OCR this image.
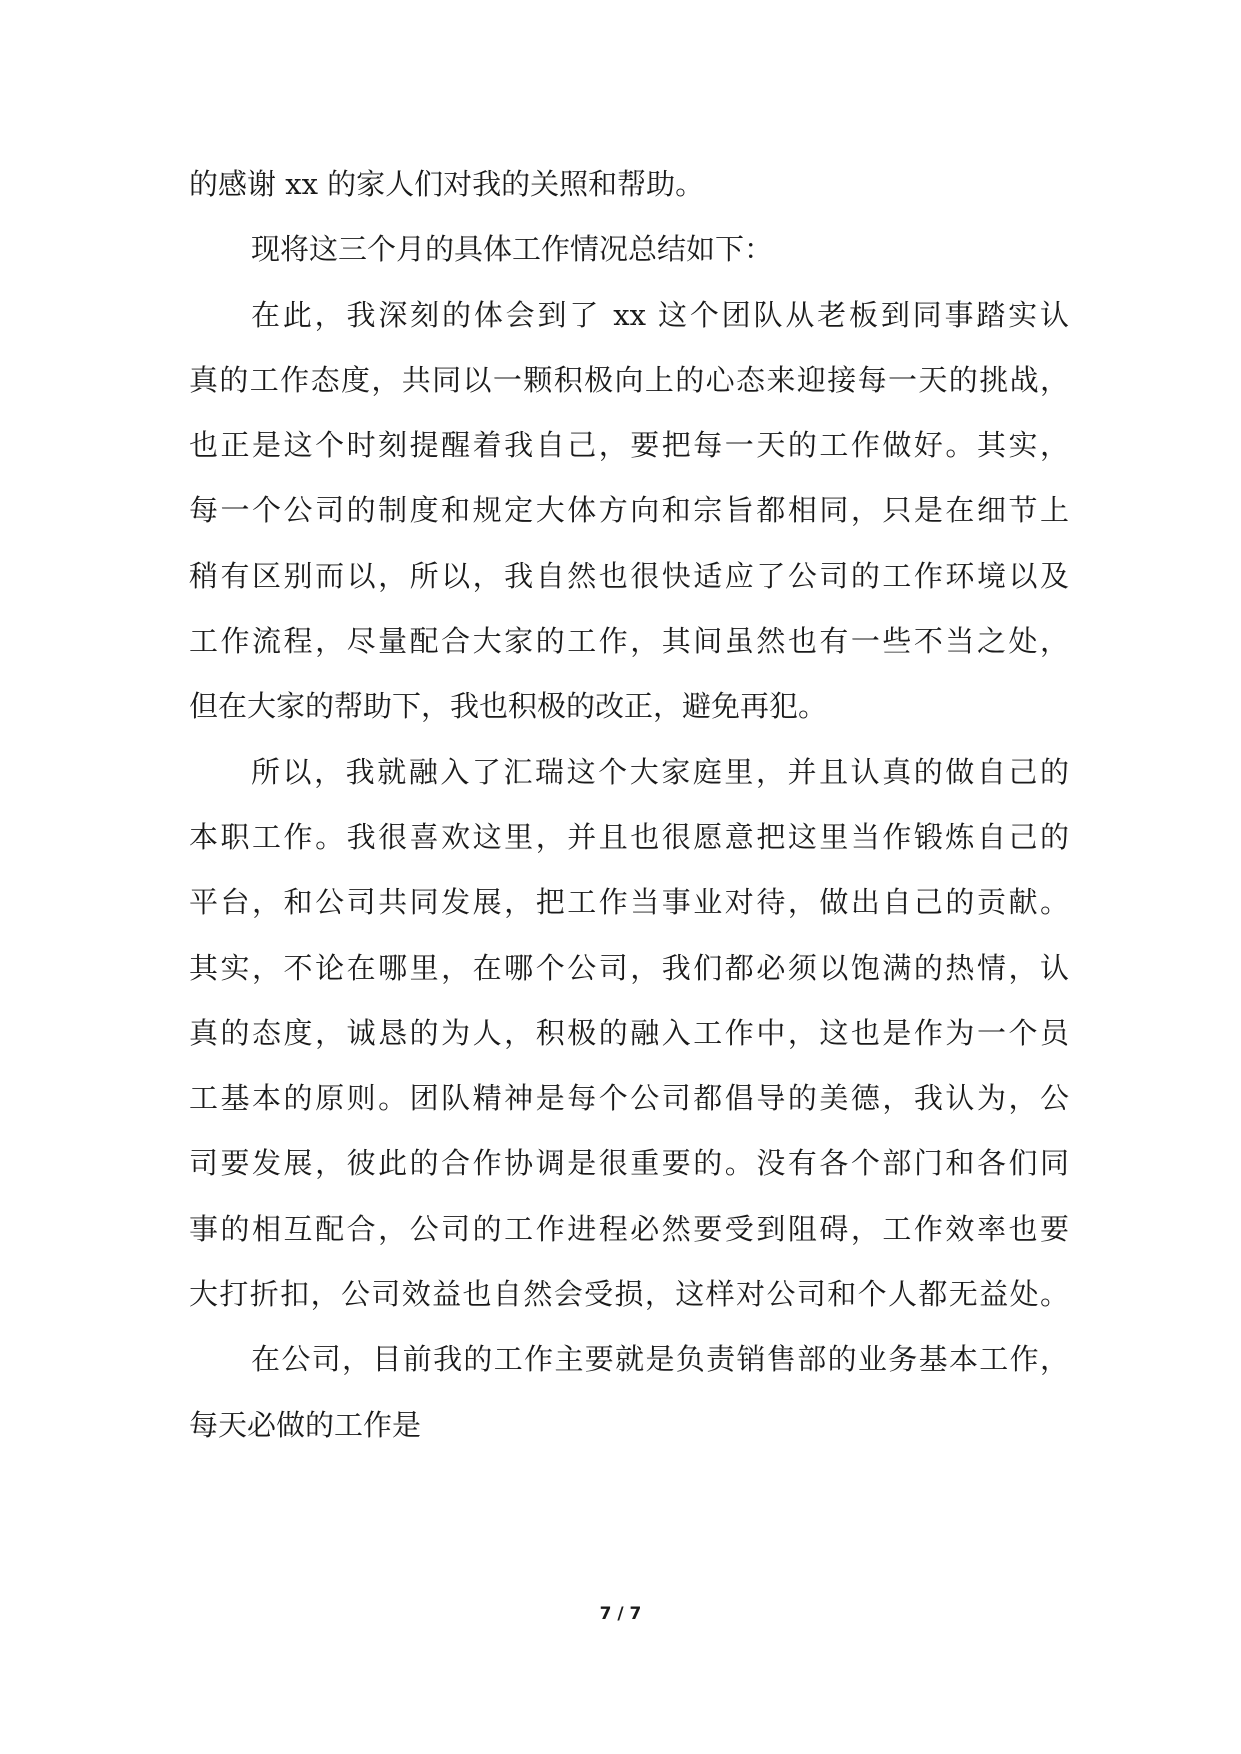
的感谢 xx 的家人们对我的关照和帮助。
现将这三个月的具体工作情况总结如下：
在此，我深刻的体会到了 xx 这个团队从老板到同事踏实认
真的工作态度，共同以一颗积极向上的心态来迎接每一天的挑战，
也正是这个时刻提醒着我自己，要把每一天的工作做好。其实，
每一个公司的制度和规定大体方向和宗旨都相同，只是在细节上
稍有区别而以，所以，我自然也很快适应了公司的工作环境以及
工作流程，尽量配合大家的工作，其间虽然也有一些不当之处，
但在大家的帮助下，我也积极的改正，避免再犯。
所以，我就融入了汇瑞这个大家庭里，并且认真的做自己的
本职工作。我很喜欢这里，并且也很愿意把这里当作锻炼自己的
平台，和公司共同发展，把工作当事业对待，做出自己的贡献。
其实，不论在哪里，在哪个公司，我们都必须以饱满的热情，认
真的态度，诚恳的为人，积极的融入工作中，这也是作为一个员
工基本的原则。团队精神是每个公司都倡导的美德，我认为，公
司要发展，彼此的合作协调是很重要的。没有各个部门和各们同
事的相互配合，公司的工作进程必然要受到阻碍，工作效率也要
大打折扣，公司效益也自然会受损，这样对公司和个人都无益处。
在公司，目前我的工作主要就是负责销售部的业务基本工作，
每天必做的工作是
7 / 7
